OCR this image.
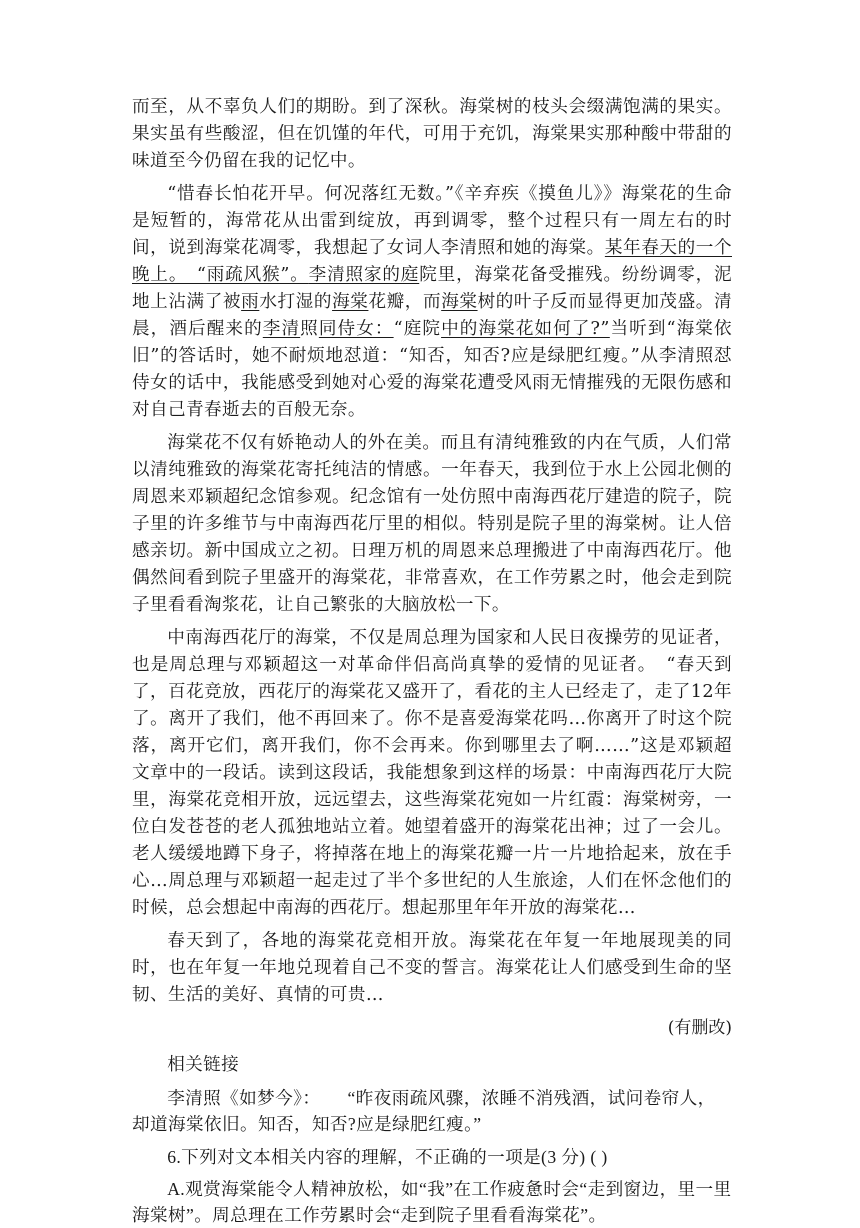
而至，从不辜负人们的期盼。到了深秋。海棠树的枝头会缀满饱满的果实。果实虽有些酸涩，但在饥馑的年代，可用于充饥，海棠果实那种酸中带甜的味道至今仍留在我的记忆中。

“惜春长怕花开早。何况落红无数。”《辛弃疾《摸鱼儿》》海棠花的生命是短暂的，海常花从出雷到绽放，再到调零，整个过程只有一周左右的时间，说到海棠花凋零，我想起了女词人李清照和她的海棠。某年春天的一个晚上。　“雨疏风猴”。李清照家的庭院里，海棠花备受摧残。纷纷调零，泥地上沾满了被雨水打湿的海棠花瓣，而海棠树的叶子反而显得更加茂盛。清晨，酒后醒来的李清照同侍女：“庭院中的海棠花如何了?”当听到“海棠依旧”的答话时，她不耐烦地怼道：“知否，知否?应是绿肥红瘦。”从李清照怼侍女的话中，我能感受到她对心爱的海棠花遭受风雨无情摧残的无限伤感和对自己青春逝去的百般无奈。

海棠花不仅有娇艳动人的外在美。而且有清纯雅致的内在气质，人们常以清纯雅致的海棠花寄托纯洁的情感。一年春天，我到位于水上公园北侧的周恩来邓颖超纪念馆参观。纪念馆有一处仿照中南海西花厅建造的院子，院子里的许多维节与中南海西花厅里的相似。特别是院子里的海棠树。让人倍感亲切。新中国成立之初。日理万机的周恩来总理搬进了中南海西花厅。他偶然间看到院子里盛开的海棠花，非常喜欢，在工作劳累之时，他会走到院子里看看淘浆花，让自己繁张的大脑放松一下。

中南海西花厅的海棠，不仅是周总理为国家和人民日夜操劳的见证者，也是周总理与邓颖超这一对革命伴侣高尚真挚的爱情的见证者。　“春天到了，百花竞放，西花厅的海棠花又盛开了，看花的主人已经走了，走了12年了。离开了我们，他不再回来了。你不是喜爱海棠花吗…你离开了时这个院落，离开它们，离开我们，你不会再来。你到哪里去了啊……”这是邓颖超文章中的一段话。读到这段话，我能想象到这样的场景：中南海西花厅大院里，海棠花竞相开放，远远望去，这些海棠花宛如一片红霞：海棠树旁，一位白发苍苍的老人孤独地站立着。她望着盛开的海棠花出神；过了一会儿。老人缓缓地蹲下身子，将掉落在地上的海棠花瓣一片一片地拾起来，放在手心…周总理与邓颖超一起走过了半个多世纪的人生旅途，人们在怀念他们的时候，总会想起中南海的西花厅。想起那里年年开放的海棠花…

春天到了，各地的海棠花竞相开放。海棠花在年复一年地展现美的同时，也在年复一年地兑现着自己不变的誓言。海棠花让人们感受到生命的坚韧、生活的美好、真情的可贵…

(有删改)

相关链接

李清照《如梦今》：　　“昨夜雨疏风骤，浓睡不消残酒，试问卷帘人，却道海棠依旧。知否，知否?应是绿肥红瘦。”

6.下列对文本相关内容的理解，不正确的一项是(3 分) ( )

A.观赏海棠能令人精神放松，如“我”在工作疲惫时会“走到窗边，里一里海棠树”。周总理在工作劳累时会“走到院子里看看海棠花”。
